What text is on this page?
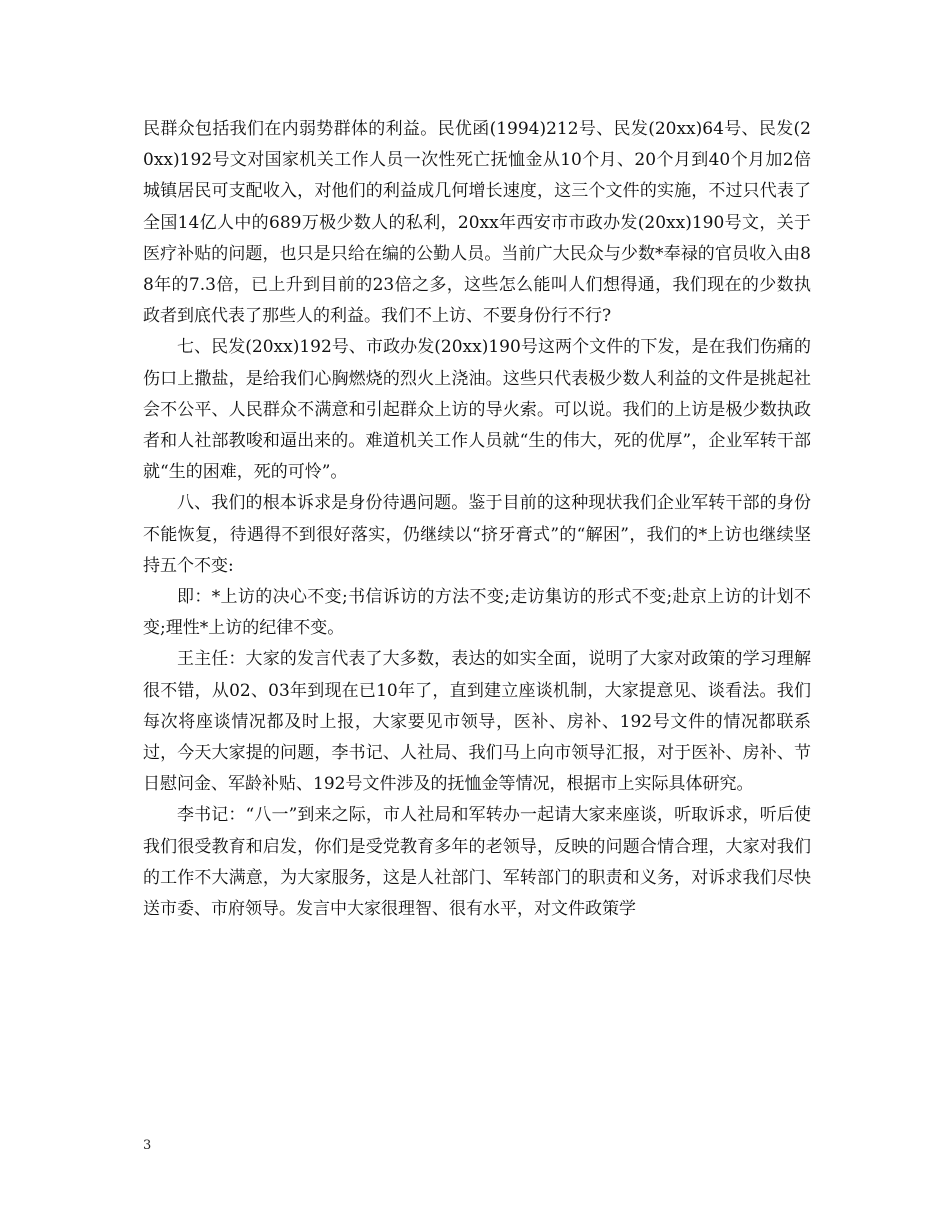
民群众包括我们在内弱势群体的利益。民优函(1994)212号、民发(20xx)64号、民发(20xx)192号文对国家机关工作人员一次性死亡抚恤金从10个月、20个月到40个月加2倍城镇居民可支配收入，对他们的利益成几何增长速度，这三个文件的实施，不过只代表了全国14亿人中的689万极少数人的私利，20xx年西安市市政办发(20xx)190号文，关于医疗补贴的问题，也只是只给在编的公勤人员。当前广大民众与少数*奉禄的官员收入由88年的7.3倍，已上升到目前的23倍之多，这些怎么能叫人们想得通，我们现在的少数执政者到底代表了那些人的利益。我们不上访、不要身份行不行?

七、民发(20xx)192号、市政办发(20xx)190号这两个文件的下发，是在我们伤痛的伤口上撒盐，是给我们心胸燃烧的烈火上浇油。这些只代表极少数人利益的文件是挑起社会不公平、人民群众不满意和引起群众上访的导火索。可以说。我们的上访是极少数执政者和人社部教唆和逼出来的。难道机关工作人员就“生的伟大，死的优厚”，企业军转干部就“生的困难，死的可怜”。

八、我们的根本诉求是身份待遇问题。鉴于目前的这种现状我们企业军转干部的身份不能恢复，待遇得不到很好落实，仍继续以“挤牙膏式”的“解困”，我们的*上访也继续坚持五个不变:

即：*上访的决心不变;书信诉访的方法不变;走访集访的形式不变;赴京上访的计划不变;理性*上访的纪律不变。

王主任：大家的发言代表了大多数，表达的如实全面，说明了大家对政策的学习理解很不错，从02、03年到现在已10年了，直到建立座谈机制，大家提意见、谈看法。我们每次将座谈情况都及时上报，大家要见市领导，医补、房补、192号文件的情况都联系过，今天大家提的问题，李书记、人社局、我们马上向市领导汇报，对于医补、房补、节日慰问金、军龄补贴、192号文件涉及的抚恤金等情况，根据市上实际具体研究。

李书记：“八一”到来之际，市人社局和军转办一起请大家来座谈，听取诉求，听后使我们很受教育和启发，你们是受党教育多年的老领导，反映的问题合情合理，大家对我们的工作不大满意，为大家服务，这是人社部门、军转部门的职责和义务，对诉求我们尽快送市委、市府领导。发言中大家很理智、很有水平，对文件政策学

3
